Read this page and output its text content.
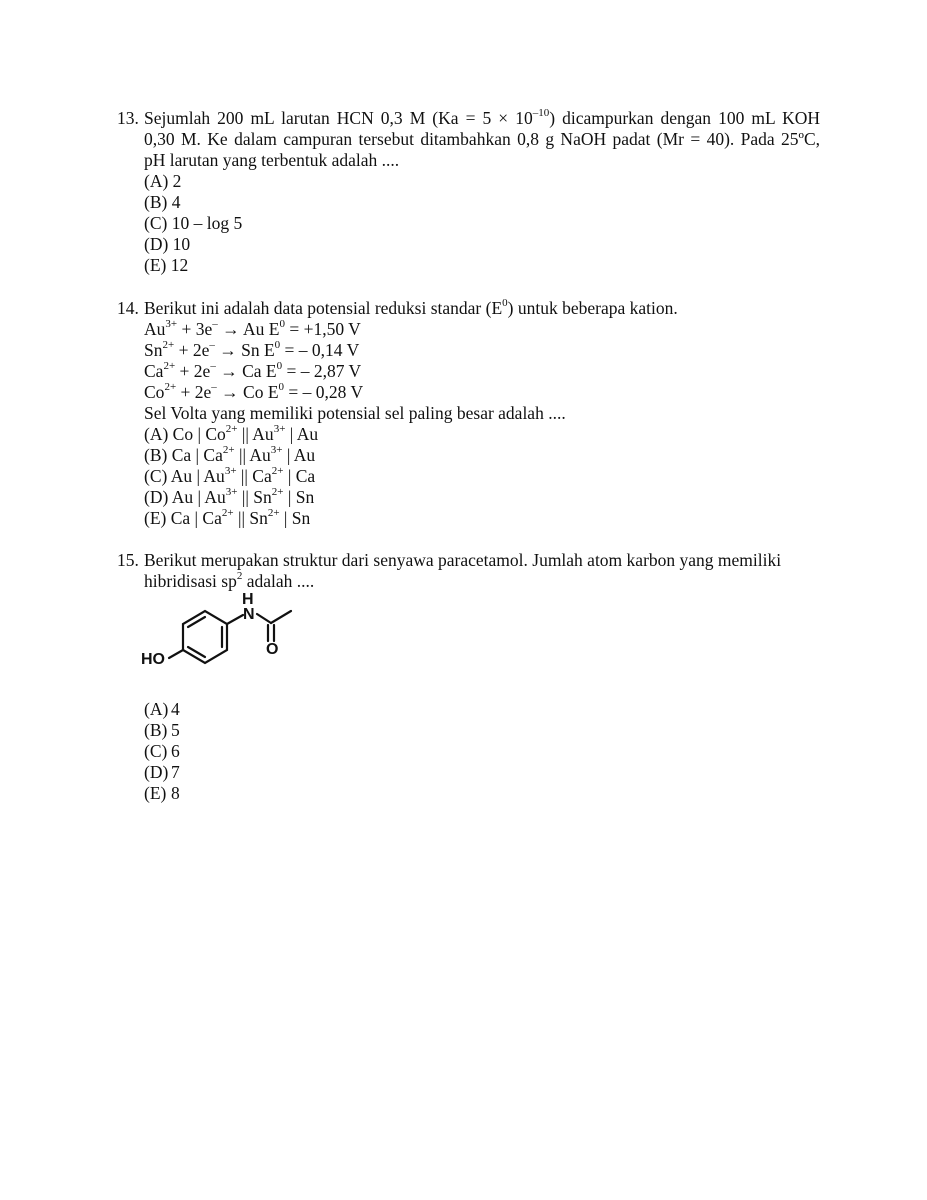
13. Sejumlah 200 mL larutan HCN 0,3 M $(Ka = 5 \times 10^{-10})$ dicampurkan dengan 100 mL KOH
0,30 M. Ke dalam campuran tersebut ditambahkan 0,8 g NaOH padat (Mr = 40). Pada 25ºC,
pH larutan yang terbentuk adalah ....
(A) 2
(B) 4
(C) 10 – log 5
(D) 10
(E) 12
14. Berikut ini adalah data potensial reduksi standar $(E^0)$ untuk beberapa kation.
$Au^{3+} + 3e^- \to Au$ $E^0 = +1,50$ V
$Sn^{2+} + 2e^- \to Sn$ $E^0$ = – 0,14 V
$Ca^{2+} + 2e^- \to Ca$ $E^0$ = – 2,87 V
$Co^{2+} + 2e^- \to Co$ $E^0$ = – 0,28 V
Sel Volta yang memiliki potensial sel paling besar adalah ....
(A) Co | $Co^{2+}$ || $Au^{3+}$ | Au
(B) Ca | $Ca^{2+}$ || $Au^{3+}$ | Au
(C) Au | $Au^{3+}$ || $Ca^{2+}$ | Ca
(D) Au | $Au^{3+}$ || $Sn^{2+}$ | Sn
(E) Ca | $Ca^{2+}$ || $Sn^{2+}$ | Sn
15. Berikut merupakan struktur dari senyawa paracetamol. Jumlah atom karbon yang memiliki
hibridisasi $sp^2$ adalah ....
HO
H
N
O
(A) 4
(B) 5
(C) 6
(D) 7
(E) 8
